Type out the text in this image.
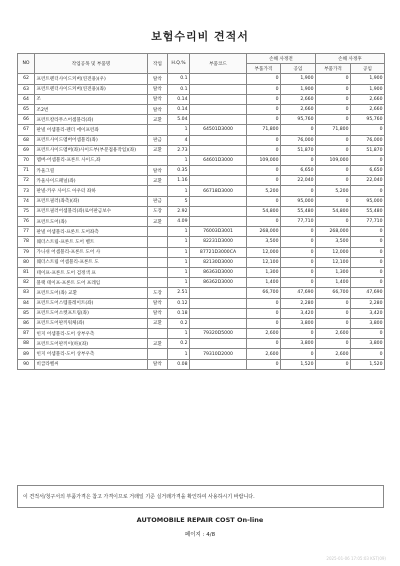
보험수리비 견적서
NO	작업공목 및 부품명	작업	H.Q.%	부품코드	손해 사정전		손해 사정후	
					부품가격	공임	부품가격	공임
62	프런트펜더사이드커버(연전용)(우)	탈착	0.1		0	1,900	0	1,900
63	프런트펜더사이드커버(연전용)(좌)	탈착	0.1		0	1,900	0	1,900
64	조	탈착	0.14		0	2,660	0	2,660
65	조2번	탈착	0.14		0	2,660	0	2,660
66	프런트칼라무스어셈블리(좌)	교환	5.04		0	95,760	0	95,760
67	판넬 어셈블리-펜더 에이프런좌		1	64501D3000	71,800	0	71,800	0
68	프런트사이드멤버어셈블리(좌)	판금	4		0	76,000	0	76,000
69	프런트사이드멤버(좌)사이드부(부분접용작업)(좌)	교환	2.73		0	51,870	0	51,870
70	멤버-어셈블리-프론트 사이드,좌		1	64601D3000	109,000	0	109,000	0
71	카울그릴	탈착	0.35		0	6,650	0	6,650
72	카울사이드패널(좌)	교환	1.16		0	22,040	0	22,040
73	판넬-카우 사이드 아우터 좌하		1	66718D3000	5,200	0	5,200	0
74	프런트필러(좌측)(좌)	판금	5		0	95,000	0	95,000
75	프런트필러어셈블리(좌)로어판금보수	도장	2.92		54,800	55,480	54,800	55,480
76	프런트도어(좌)	교환	4.09		0	77,710	0	77,710
77	판넬 어셈블리-프론트 도어좌측		1	76003D3001	268,000	0	268,000	0
78	웨더스트립-프론트 도어 벨트		1	82231D3000	3,500	0	3,500	0
79	가니쉬 어셈블리-프론트 도어 사		1	87721D3000CA	12,000	0	12,000	0
80	웨더스트립 어셈블리-프론트 도		1	82130D3000	12,100	0	12,100	0
81	테이프-프론트 도어 검정색 프		1	86363D3000	1,300	0	1,300	0
82	블랙 테이프-프론트 도어 프레임		1	86362D3000	1,400	0	1,400	0
83	프런트도어(좌) 교환	도장	2.51		66,700	47,690	66,700	47,690
84	프런트도어스텝플레이트(좌)	탈착	0.12		0	2,280	0	2,280
85	프런트도어소켓프트림(좌)	탈착	0.18		0	3,420	0	3,420
86	프런트도어판끼워체(좌)	교환	0.2		0	3,800	0	3,800
87	힌지 어셈블리-도어 상부우측		1	79320D5000	2,600	0	2,600	0
88	프런트도어판끼이(하)(좌)	교환	0.2		0	3,800	0	3,800
89	힌지 어셈블리-도어 상부우측		1	79310D2000	2,600	0	2,600	0
90	비급라벨씨	탈착	0.08		0	1,520	0	1,520
이 견적서/청구서의 부품가격은 참고 가격이므로 거래일 기준 실거래가격을 확인하여 사용하시기 바랍니다.
AUTOMOBILE REPAIR COST On-line
페이지 : 4/8
2025-01-06 17:05:03 KST(09)
